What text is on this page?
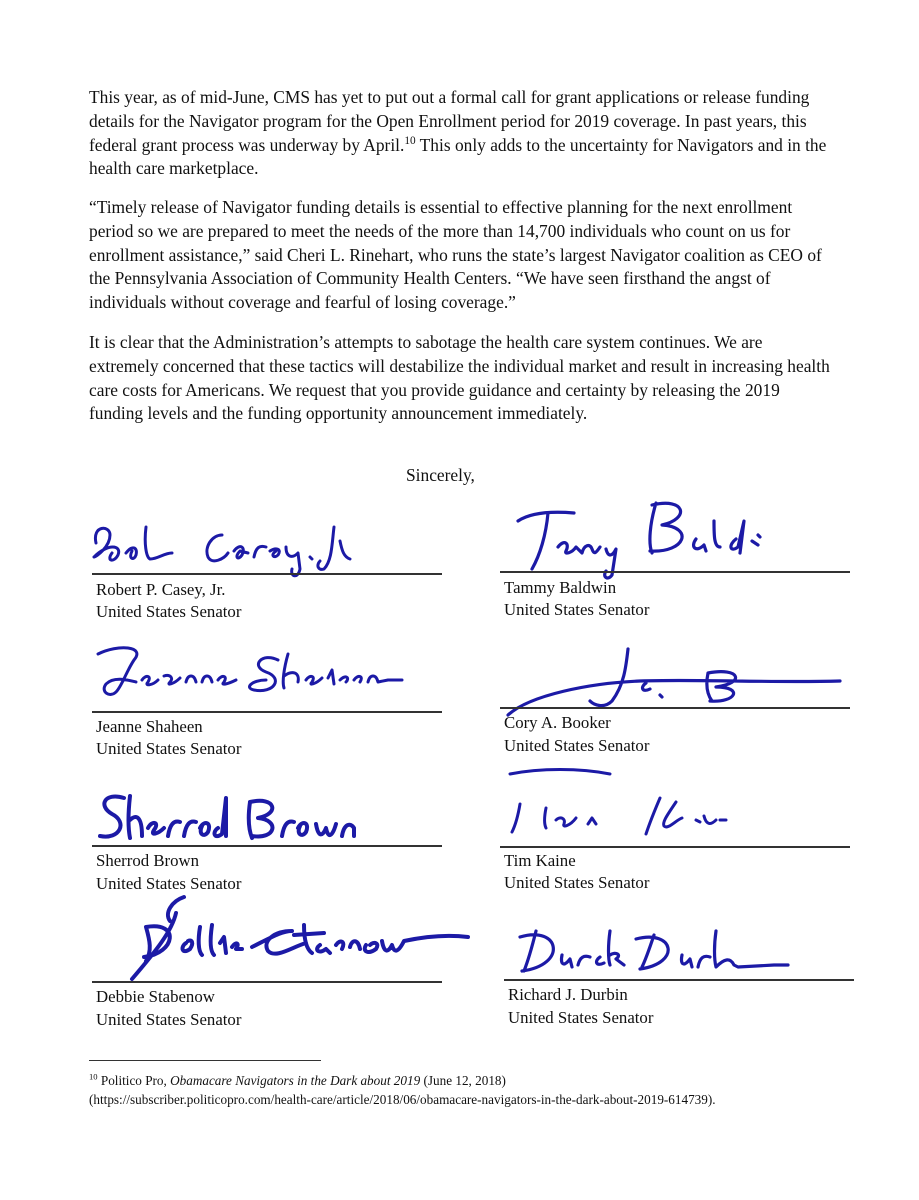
This year, as of mid-June, CMS has yet to put out a formal call for grant applications or release funding details for the Navigator program for the Open Enrollment period for 2019 coverage. In past years, this federal grant process was underway by April.$^{10}$ This only adds to the uncertainty for Navigators and in the health care marketplace.

“Timely release of Navigator funding details is essential to effective planning for the next enrollment period so we are prepared to meet the needs of the more than 14,700 individuals who count on us for enrollment assistance,” said Cheri L. Rinehart, who runs the state’s largest Navigator coalition as CEO of the Pennsylvania Association of Community Health Centers. “We have seen firsthand the angst of individuals without coverage and fearful of losing coverage.”

It is clear that the Administration’s attempts to sabotage the health care system continues. We are extremely concerned that these tactics will destabilize the individual market and result in increasing health care costs for Americans. We request that you provide guidance and certainty by releasing the 2019 funding levels and the funding opportunity announcement immediately.

Sincerely,
Robert P. Casey, Jr.
United States Senator
Tammy Baldwin
United States Senator
Jeanne Shaheen
United States Senator
Cory A. Booker
United States Senator
Sherrod Brown
United States Senator
Tim Kaine
United States Senator
Debbie Stabenow
United States Senator
Richard J. Durbin
United States Senator
$^{10}$ Politico Pro, Obamacare Navigators in the Dark about 2019 (June 12, 2018)
(https://subscriber.politicopro.com/health-care/article/2018/06/obamacare-navigators-in-the-dark-about-2019-614739).
